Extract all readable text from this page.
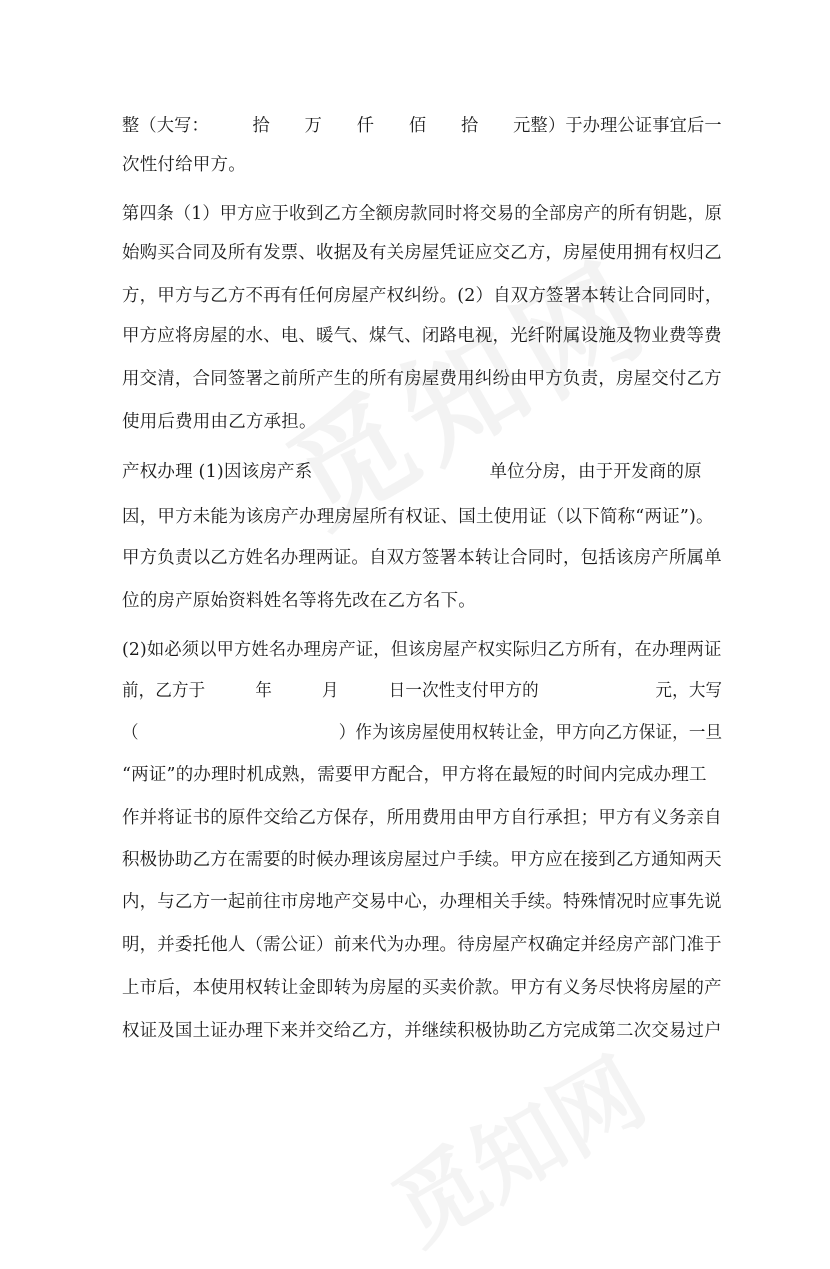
整（大写：　　　拾　　万　　仟　　佰　　拾　　元整）于办理公证事宜后一
次性付给甲方。
第四条（1）甲方应于收到乙方全额房款同时将交易的全部房产的所有钥匙，原
始购买合同及所有发票、收据及有关房屋凭证应交乙方，房屋使用拥有权归乙
方，甲方与乙方不再有任何房屋产权纠纷。(2）自双方签署本转让合同同时，
甲方应将房屋的水、电、暖气、煤气、闭路电视，光纤附属设施及物业费等费
用交清，合同签署之前所产生的所有房屋费用纠纷由甲方负责，房屋交付乙方
使用后费用由乙方承担。
产权办理 (1)因该房产系　　　　　　　　　　单位分房，由于开发商的原
因，甲方未能为该房产办理房屋所有权证、国土使用证（以下简称“两证”)。
甲方负责以乙方姓名办理两证。自双方签署本转让合同时，包括该房产所属单
位的房产原始资料姓名等将先改在乙方名下。
(2)如必须以甲方姓名办理房产证，但该房屋产权实际归乙方所有，在办理两证
前，乙方于　　　年　　　月　　　日一次性支付甲方的　　　　　　　元，大写
（　　　　　　　　　　　　）作为该房屋使用权转让金，甲方向乙方保证，一旦
“两证”的办理时机成熟，需要甲方配合，甲方将在最短的时间内完成办理工
作并将证书的原件交给乙方保存，所用费用由甲方自行承担；甲方有义务亲自
积极协助乙方在需要的时候办理该房屋过户手续。甲方应在接到乙方通知两天
内，与乙方一起前往市房地产交易中心，办理相关手续。特殊情况时应事先说
明，并委托他人（需公证）前来代为办理。待房屋产权确定并经房产部门准于
上市后，本使用权转让金即转为房屋的买卖价款。甲方有义务尽快将房屋的产
权证及国土证办理下来并交给乙方，并继续积极协助乙方完成第二次交易过户
